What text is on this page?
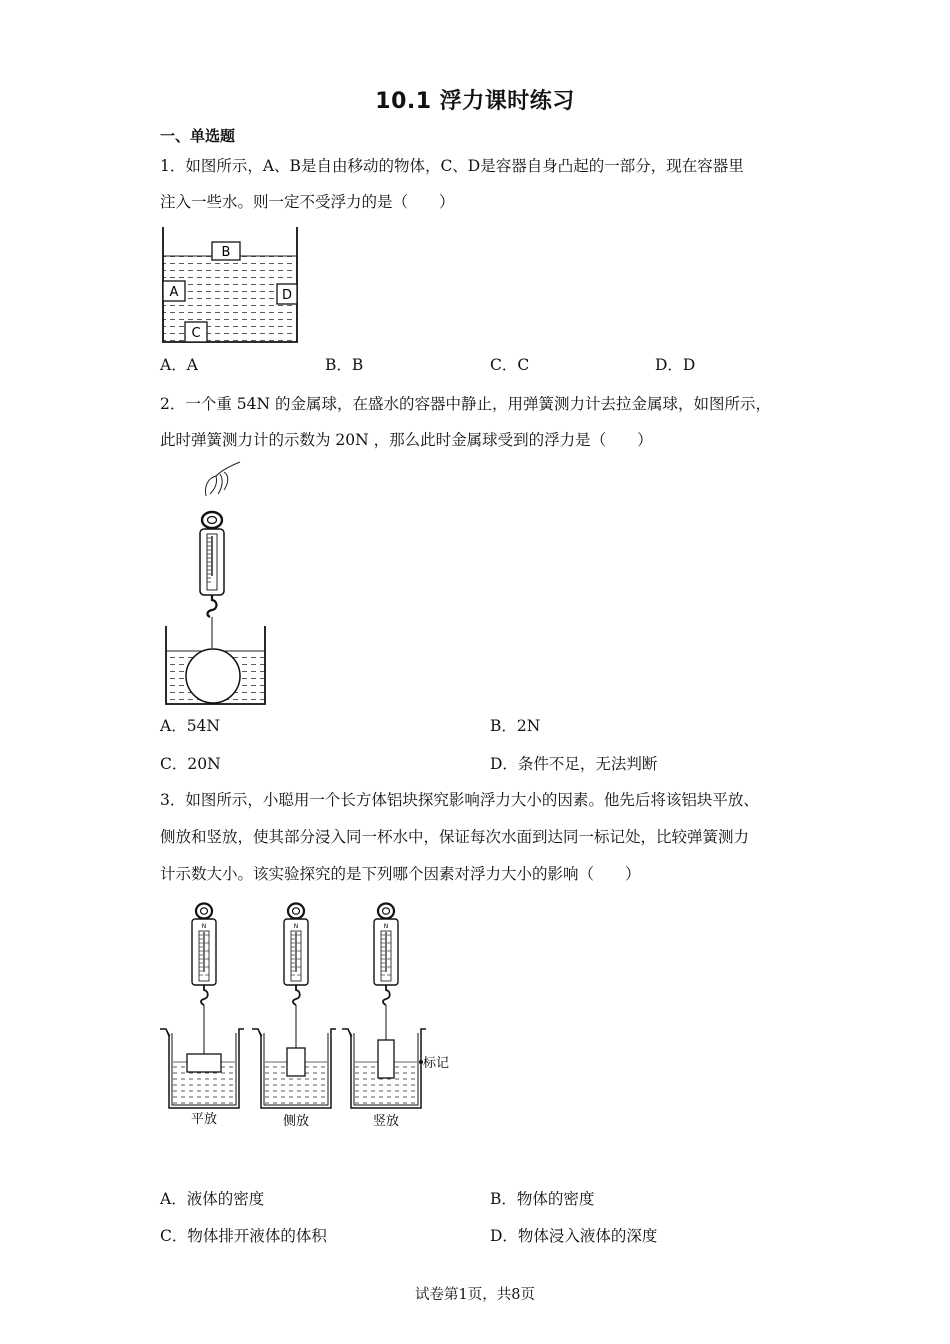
10.1 浮力课时练习
一、单选题
1．如图所示，A、B是自由移动的物体，C、D是容器自身凸起的一部分，现在容器里
注入一些水。则一定不受浮力的是（　　）
B
A	D
C
A．A	B．B	C．C	D．D
2．一个重 54N 的金属球，在盛水的容器中静止，用弹簧测力计去拉金属球，如图所示，
此时弹簧测力计的示数为 20N ，那么此时金属球受到的浮力是（　　）
A．54N	B．2N
C．20N	D．条件不足，无法判断
3．如图所示，小聪用一个长方体铝块探究影响浮力大小的因素。他先后将该铝块平放、
侧放和竖放，使其部分浸入同一杯水中，保证每次水面到达同一标记处，比较弹簧测力
计示数大小。该实验探究的是下列哪个因素对浮力大小的影响（　　）
N
标记
平放	侧放	竖放
A．液体的密度	B．物体的密度
C．物体排开液体的体积	D．物体浸入液体的深度
试卷第1页，共8页
